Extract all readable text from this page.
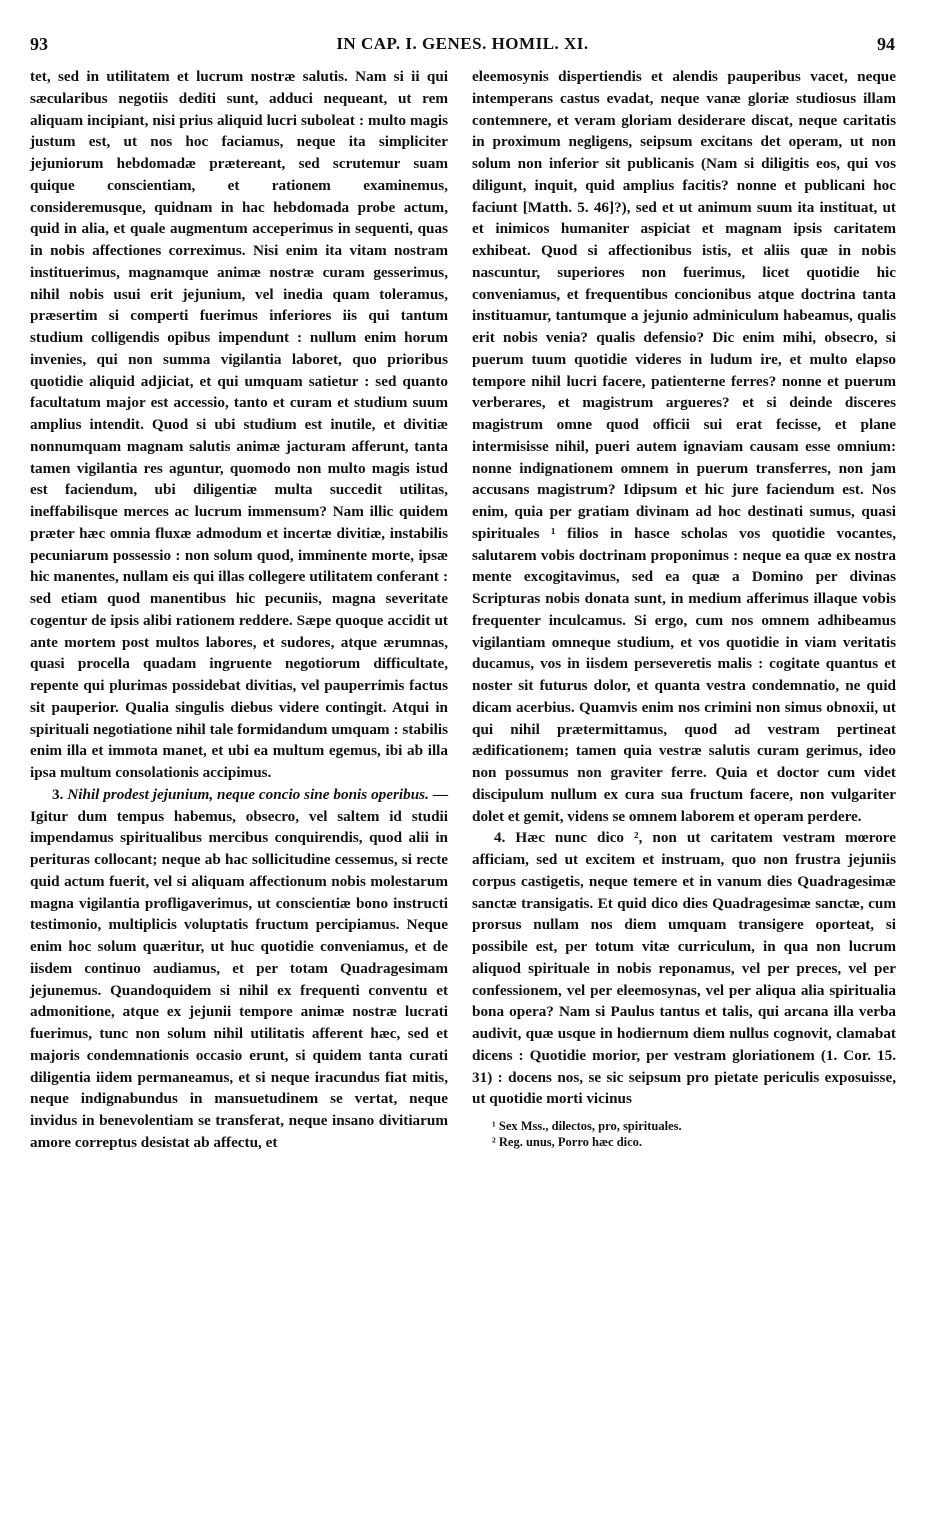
93	IN CAP. I. GENES. HOMIL. XI.	94

tet, sed in utilitatem et lucrum nostræ salutis. Nam si ii qui sæcularibus negotiis dediti sunt, adduci nequeant, ut rem aliquam incipiant, nisi prius aliquid lucri suboleat : multo magis justum est, ut nos hoc faciamus, neque ita simpliciter jejuniorum hebdomadæ prætereant, sed scrutemur suam quique conscientiam, et rationem examinemus, consideremusque, quidnam in hac hebdomada probe actum, quid in alia, et quale augmentum acceperimus in sequenti, quas in nobis affectiones correximus. Nisi enim ita vitam nostram instituerimus, magnamque animæ nostræ curam gesserimus, nihil nobis usui erit jejunium, vel inedia quam toleramus, præsertim si comperti fuerimus inferiores iis qui tantum studium colligendis opibus impendunt : nullum enim horum invenies, qui non summa vigilantia laboret, quo prioribus quotidie aliquid adjiciat, et qui umquam satietur : sed quanto facultatum major est accessio, tanto et curam et studium suum amplius intendit. Quod si ubi studium est inutile, et divitiæ nonnumquam magnam salutis animæ jacturam afferunt, tanta tamen vigilantia res aguntur, quomodo non multo magis istud est faciendum, ubi diligentiæ multa succedit utilitas, ineffabilisque merces ac lucrum immensum? Nam illic quidem præter hæc omnia fluxæ admodum et incertæ divitiæ, instabilis pecuniarum possessio : non solum quod, imminente morte, ipsæ hic manentes, nullam eis qui illas collegere utilitatem conferant : sed etiam quod manentibus hic pecuniis, magna severitate cogentur de ipsis alibi rationem reddere. Sæpe quoque accidit ut ante mortem post multos labores, et sudores, atque ærumnas, quasi procella quadam ingruente negotiorum difficultate, repente qui plurimas possidebat divitias, vel pauperrimis factus sit pauperior. Qualia singulis diebus videre contingit. Atqui in spirituali negotiatione nihil tale formidandum umquam : stabilis enim illa et immota manet, et ubi ea multum egemus, ibi ab illa ipsa multum consolationis accipimus.

3. Nihil prodest jejunium, neque concio sine bonis operibus. — Igitur dum tempus habemus, obsecro, vel saltem id studii impendamus spiritualibus mercibus conquirendis, quod alii in perituras collocant; neque ab hac sollicitudine cessemus, si recte quid actum fuerit, vel si aliquam affectionum nobis molestarum magna vigilantia profligaverimus, ut conscientiæ bono instructi testimonio, multiplicis voluptatis fructum percipiamus. Neque enim hoc solum quæritur, ut huc quotidie conveniamus, et de iisdem continuo audiamus, et per totam Quadragesimam jejunemus. Quandoquidem si nihil ex frequenti conventu et admonitione, atque ex jejunii tempore animæ nostræ lucrati fuerimus, tunc non solum nihil utilitatis afferent hæc, sed et majoris condemnationis occasio erunt, si quidem tanta curati diligentia iidem permaneamus, et si neque iracundus fiat mitis, neque indignabundus in mansuetudinem se vertat, neque invidus in benevolentiam se transferat, neque insano divitiarum amore correptus desistat ab affectu, et

eleemosynis dispertiendis et alendis pauperibus vacet, neque intemperans castus evadat, neque vanæ gloriæ studiosus illam contemnere, et veram gloriam desiderare discat, neque caritatis in proximum negligens, seipsum excitans det operam, ut non solum non inferior sit publicanis (Nam si diligitis eos, qui vos diligunt, inquit, quid amplius facitis? nonne et publicani hoc faciunt [Matth. 5. 46]?), sed et ut animum suum ita instituat, ut et inimicos humaniter aspiciat et magnam ipsis caritatem exhibeat. Quod si affectionibus istis, et aliis quæ in nobis nascuntur, superiores non fuerimus, licet quotidie hic conveniamus, et frequentibus concionibus atque doctrina tanta instituamur, tantumque a jejunio adminiculum habeamus, qualis erit nobis venia? qualis defensio? Dic enim mihi, obsecro, si puerum tuum quotidie videres in ludum ire, et multo elapso tempore nihil lucri facere, patienterne ferres? nonne et puerum verberares, et magistrum argueres? et si deinde disceres magistrum omne quod officii sui erat fecisse, et plane intermisisse nihil, pueri autem ignaviam causam esse omnium: nonne indignationem omnem in puerum transferres, non jam accusans magistrum? Idipsum et hic jure faciendum est. Nos enim, quia per gratiam divinam ad hoc destinati sumus, quasi spirituales ¹ filios in hasce scholas vos quotidie vocantes, salutarem vobis doctrinam proponimus : neque ea quæ ex nostra mente excogitavimus, sed ea quæ a Domino per divinas Scripturas nobis donata sunt, in medium afferimus illaque vobis frequenter inculcamus. Si ergo, cum nos omnem adhibeamus vigilantiam omneque studium, et vos quotidie in viam veritatis ducamus, vos in iisdem perseveretis malis : cogitate quantus et noster sit futurus dolor, et quanta vestra condemnatio, ne quid dicam acerbius. Quamvis enim nos crimini non simus obnoxii, ut qui nihil prætermittamus, quod ad vestram pertineat ædificationem; tamen quia vestræ salutis curam gerimus, ideo non possumus non graviter ferre. Quia et doctor cum videt discipulum nullum ex cura sua fructum facere, non vulgariter dolet et gemit, videns se omnem laborem et operam perdere.

4. Hæc nunc dico ², non ut caritatem vestram mœrore afficiam, sed ut excitem et instruam, quo non frustra jejuniis corpus castigetis, neque temere et in vanum dies Quadragesimæ sanctæ transigatis. Et quid dico dies Quadragesimæ sanctæ, cum prorsus nullam nos diem umquam transigere oporteat, si possibile est, per totum vitæ curriculum, in qua non lucrum aliquod spirituale in nobis reponamus, vel per preces, vel per confessionem, vel per eleemosynas, vel per aliqua alia spiritualia bona opera? Nam si Paulus tantus et talis, qui arcana illa verba audivit, quæ usque in hodiernum diem nullus cognovit, clamabat dicens : Quotidie morior, per vestram gloriationem (1. Cor. 15. 31) : docens nos, se sic seipsum pro pietate periculis exposuisse, ut quotidie morti vicinus

¹ Sex Mss., dilectos, pro, spirituales.
² Reg. unus, Porro hæc dico.
